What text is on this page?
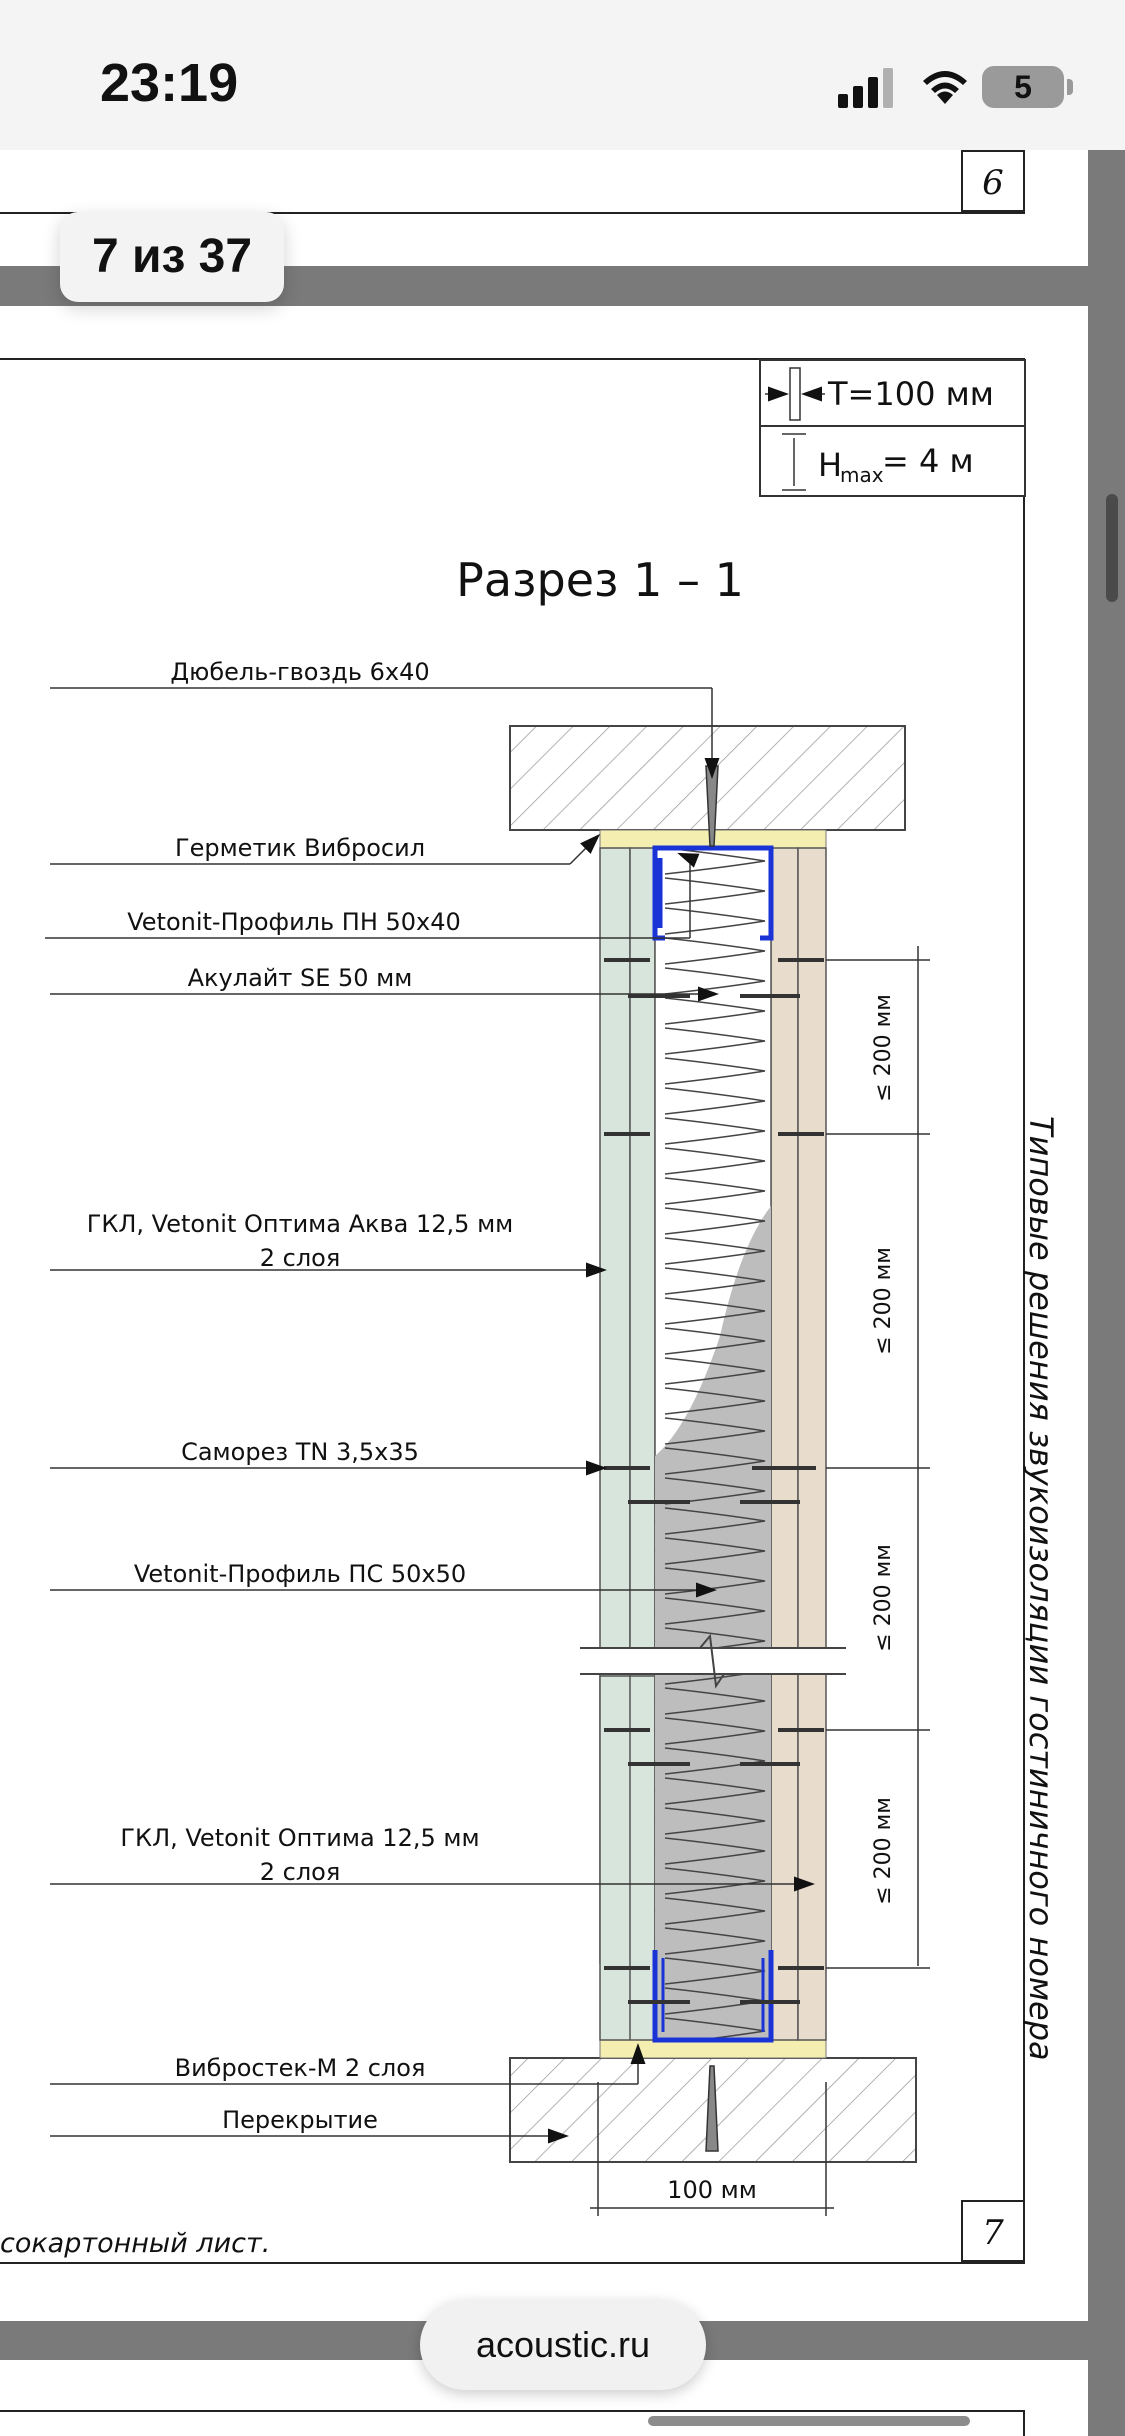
23:19	5
6
T=100 мм
H
max
= 4 м
Разрез 1 – 1
≤ 200 мм
≤ 200 мм
≤ 200 мм
≤ 200 мм
100 мм
Дюбель-гвоздь 6x40
Герметик Вибросил
Vetonit-Профиль ПН 50x40
Акулайт SE 50 мм
ГКЛ, Vetonit Оптима Аква 12,5 мм
2 слоя
Саморез TN 3,5x35
Vetonit-Профиль ПС 50x50
ГКЛ, Vetonit Оптима 12,5 мм
2 слоя
Вибростек-М 2 слоя
Перекрытие
Типовые решения звукоизоляции гостиничного номера
сокартонный лист.	7
7 из 37
acoustic.ru
